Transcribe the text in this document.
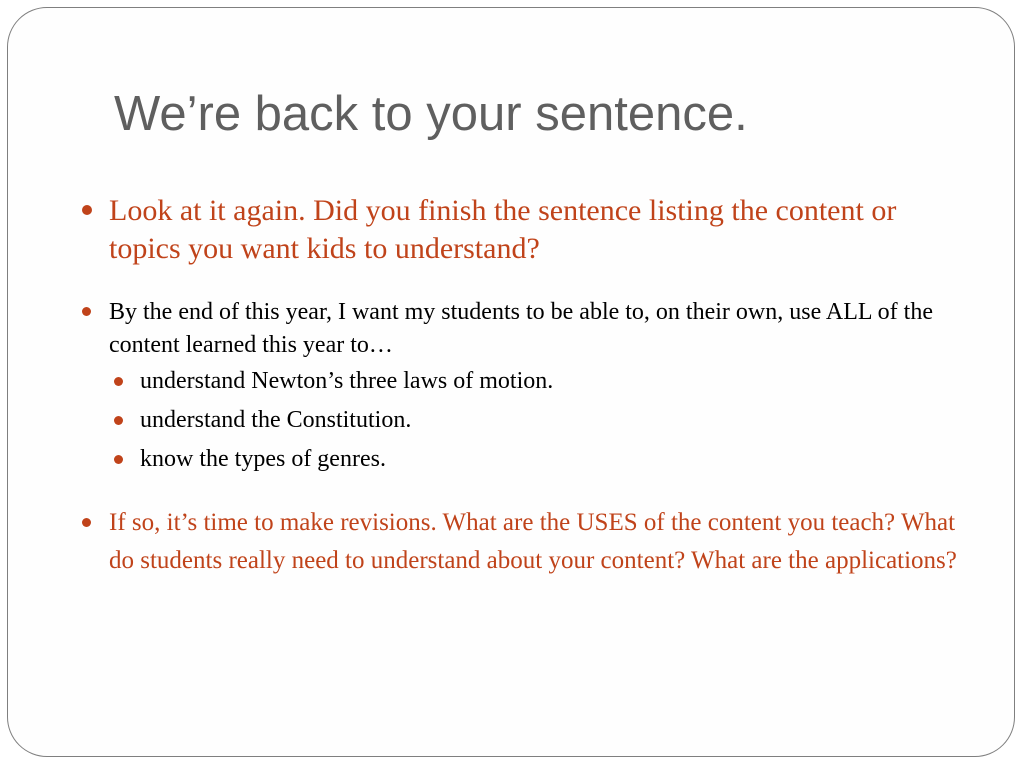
We’re back to your sentence.
Look at it again. Did you finish the sentence listing the content or topics you want kids to understand?
By the end of this year, I want my students to be able to, on their own, use ALL of the content learned this year to…
understand Newton’s three laws of motion.
understand the Constitution.
know the types of genres.
If so, it’s time to make revisions. What are the USES of the content you teach? What do students really need to understand about your content? What are the applications?
